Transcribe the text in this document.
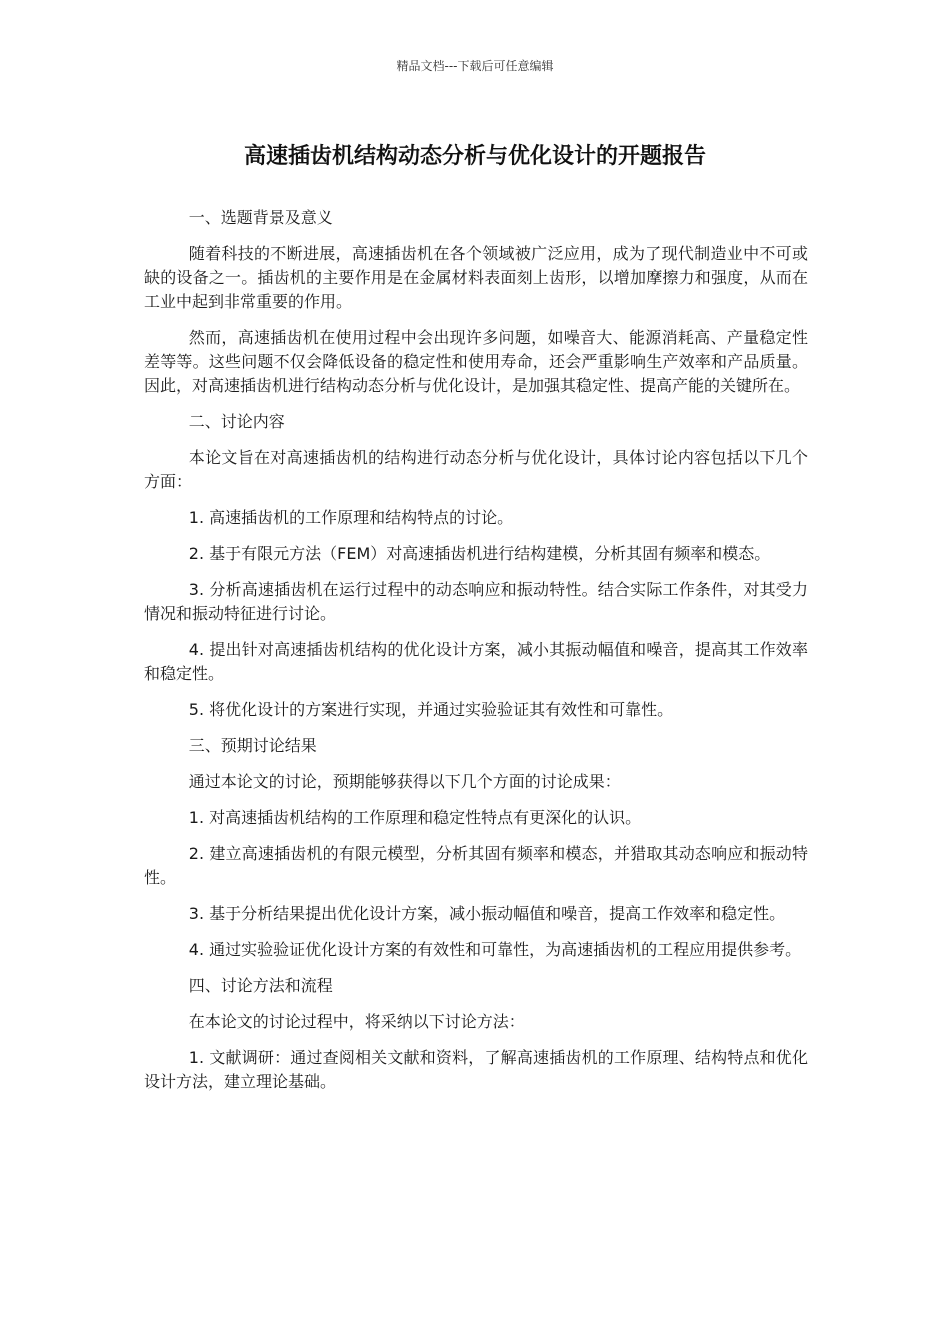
精品文档---下载后可任意编辑
高速插齿机结构动态分析与优化设计的开题报告

一、选题背景及意义

随着科技的不断进展，高速插齿机在各个领域被广泛应用，成为了现代制造业中不可或缺的设备之一。插齿机的主要作用是在金属材料表面刻上齿形，以增加摩擦力和强度，从而在工业中起到非常重要的作用。

然而，高速插齿机在使用过程中会出现许多问题，如噪音大、能源消耗高、产量稳定性差等等。这些问题不仅会降低设备的稳定性和使用寿命，还会严重影响生产效率和产品质量。因此，对高速插齿机进行结构动态分析与优化设计，是加强其稳定性、提高产能的关键所在。

二、讨论内容

本论文旨在对高速插齿机的结构进行动态分析与优化设计，具体讨论内容包括以下几个方面：

1. 高速插齿机的工作原理和结构特点的讨论。

2. 基于有限元方法（FEM）对高速插齿机进行结构建模，分析其固有频率和模态。

3. 分析高速插齿机在运行过程中的动态响应和振动特性。结合实际工作条件，对其受力情况和振动特征进行讨论。

4. 提出针对高速插齿机结构的优化设计方案，减小其振动幅值和噪音，提高其工作效率和稳定性。

5. 将优化设计的方案进行实现，并通过实验验证其有效性和可靠性。

三、预期讨论结果

通过本论文的讨论，预期能够获得以下几个方面的讨论成果：

1. 对高速插齿机结构的工作原理和稳定性特点有更深化的认识。

2. 建立高速插齿机的有限元模型，分析其固有频率和模态，并猎取其动态响应和振动特性。

3. 基于分析结果提出优化设计方案，减小振动幅值和噪音，提高工作效率和稳定性。

4. 通过实验验证优化设计方案的有效性和可靠性，为高速插齿机的工程应用提供参考。

四、讨论方法和流程

在本论文的讨论过程中，将采纳以下讨论方法：

1. 文献调研：通过查阅相关文献和资料，了解高速插齿机的工作原理、结构特点和优化设计方法，建立理论基础。
